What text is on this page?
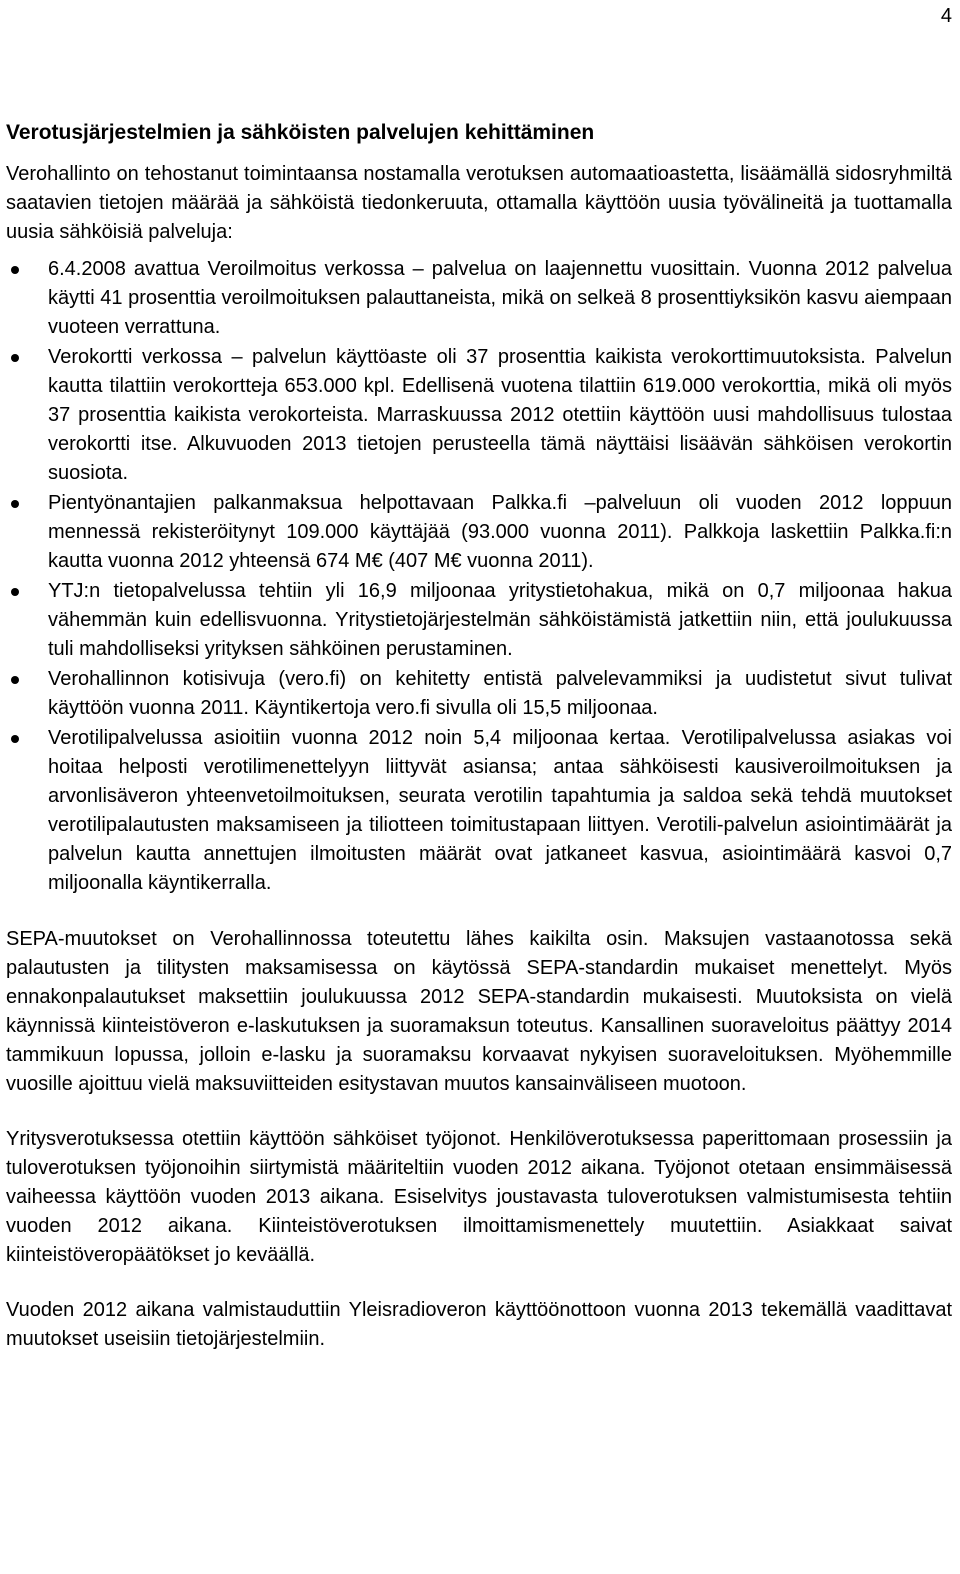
4
Verotusjärjestelmien ja sähköisten palvelujen kehittäminen

Verohallinto on tehostanut toimintaansa nostamalla verotuksen automaatioastetta, lisäämällä sidosryhmiltä saatavien tietojen määrää ja sähköistä tiedonkeruuta, ottamalla käyttöön uusia työvälineitä ja tuottamalla uusia sähköisiä palveluja:

6.4.2008 avattua Veroilmoitus verkossa – palvelua on laajennettu vuosittain. Vuonna 2012 palvelua käytti 41 prosenttia veroilmoituksen palauttaneista, mikä on selkeä 8 prosenttiyksikön kasvu aiempaan vuoteen verrattuna.
Verokortti verkossa – palvelun käyttöaste oli 37 prosenttia kaikista verokorttimuutoksista. Palvelun kautta tilattiin verokortteja 653.000 kpl. Edellisenä vuotena tilattiin 619.000 verokorttia, mikä oli myös 37 prosenttia kaikista verokorteista. Marraskuussa 2012 otettiin käyttöön uusi mahdollisuus tulostaa verokortti itse. Alkuvuoden 2013 tietojen perusteella tämä näyttäisi lisäävän sähköisen verokortin suosiota.
Pientyönantajien palkanmaksua helpottavaan Palkka.fi –palveluun oli vuoden 2012 loppuun mennessä rekisteröitynyt 109.000 käyttäjää (93.000 vuonna 2011). Palkkoja laskettiin Palkka.fi:n kautta vuonna 2012 yhteensä 674 M€ (407 M€ vuonna 2011).
YTJ:n tietopalvelussa tehtiin yli 16,9 miljoonaa yritystietohakua, mikä on 0,7 miljoonaa hakua vähemmän kuin edellisvuonna. Yritystietojärjestelmän sähköistämistä jatkettiin niin, että joulukuussa tuli mahdolliseksi yrityksen sähköinen perustaminen.
Verohallinnon kotisivuja (vero.fi) on kehitetty entistä palvelevammiksi ja uudistetut sivut tulivat käyttöön vuonna 2011. Käyntikertoja vero.fi sivulla oli 15,5 miljoonaa.
Verotilipalvelussa asioitiin vuonna 2012 noin 5,4 miljoonaa kertaa. Verotilipalvelussa asiakas voi hoitaa helposti verotilimenettelyyn liittyvät asiansa; antaa sähköisesti kausiveroilmoituksen ja arvonlisäveron yhteenvetoilmoituksen, seurata verotilin tapahtumia ja saldoa sekä tehdä muutokset verotilipalautusten maksamiseen ja tiliotteen toimitustapaan liittyen. Verotili-palvelun asiointimäärät ja palvelun kautta annettujen ilmoitusten määrät ovat jatkaneet kasvua, asiointimäärä kasvoi 0,7 miljoonalla käyntikerralla.

SEPA-muutokset on Verohallinnossa toteutettu lähes kaikilta osin. Maksujen vastaanotossa sekä palautusten ja tilitysten maksamisessa on käytössä SEPA-standardin mukaiset menettelyt. Myös ennakonpalautukset maksettiin joulukuussa 2012 SEPA-standardin mukaisesti. Muutoksista on vielä käynnissä kiinteistöveron e-laskutuksen ja suoramaksun toteutus. Kansallinen suoraveloitus päättyy 2014 tammikuun lopussa, jolloin e-lasku ja suoramaksu korvaavat nykyisen suoraveloituksen. Myöhemmille vuosille ajoittuu vielä maksuviitteiden esitystavan muutos kansainväliseen muotoon.

Yritysverotuksessa otettiin käyttöön sähköiset työjonot. Henkilöverotuksessa paperittomaan prosessiin ja tuloverotuksen työjonoihin siirtymistä määriteltiin vuoden 2012 aikana. Työjonot otetaan ensimmäisessä vaiheessa käyttöön vuoden 2013 aikana. Esiselvitys joustavasta tuloverotuksen valmistumisesta tehtiin vuoden 2012 aikana. Kiinteistöverotuksen ilmoittamismenettely muutettiin. Asiakkaat saivat kiinteistöveropäätökset jo keväällä.

Vuoden 2012 aikana valmistauduttiin Yleisradioveron käyttöönottoon vuonna 2013 tekemällä vaadittavat muutokset useisiin tietojärjestelmiin.
